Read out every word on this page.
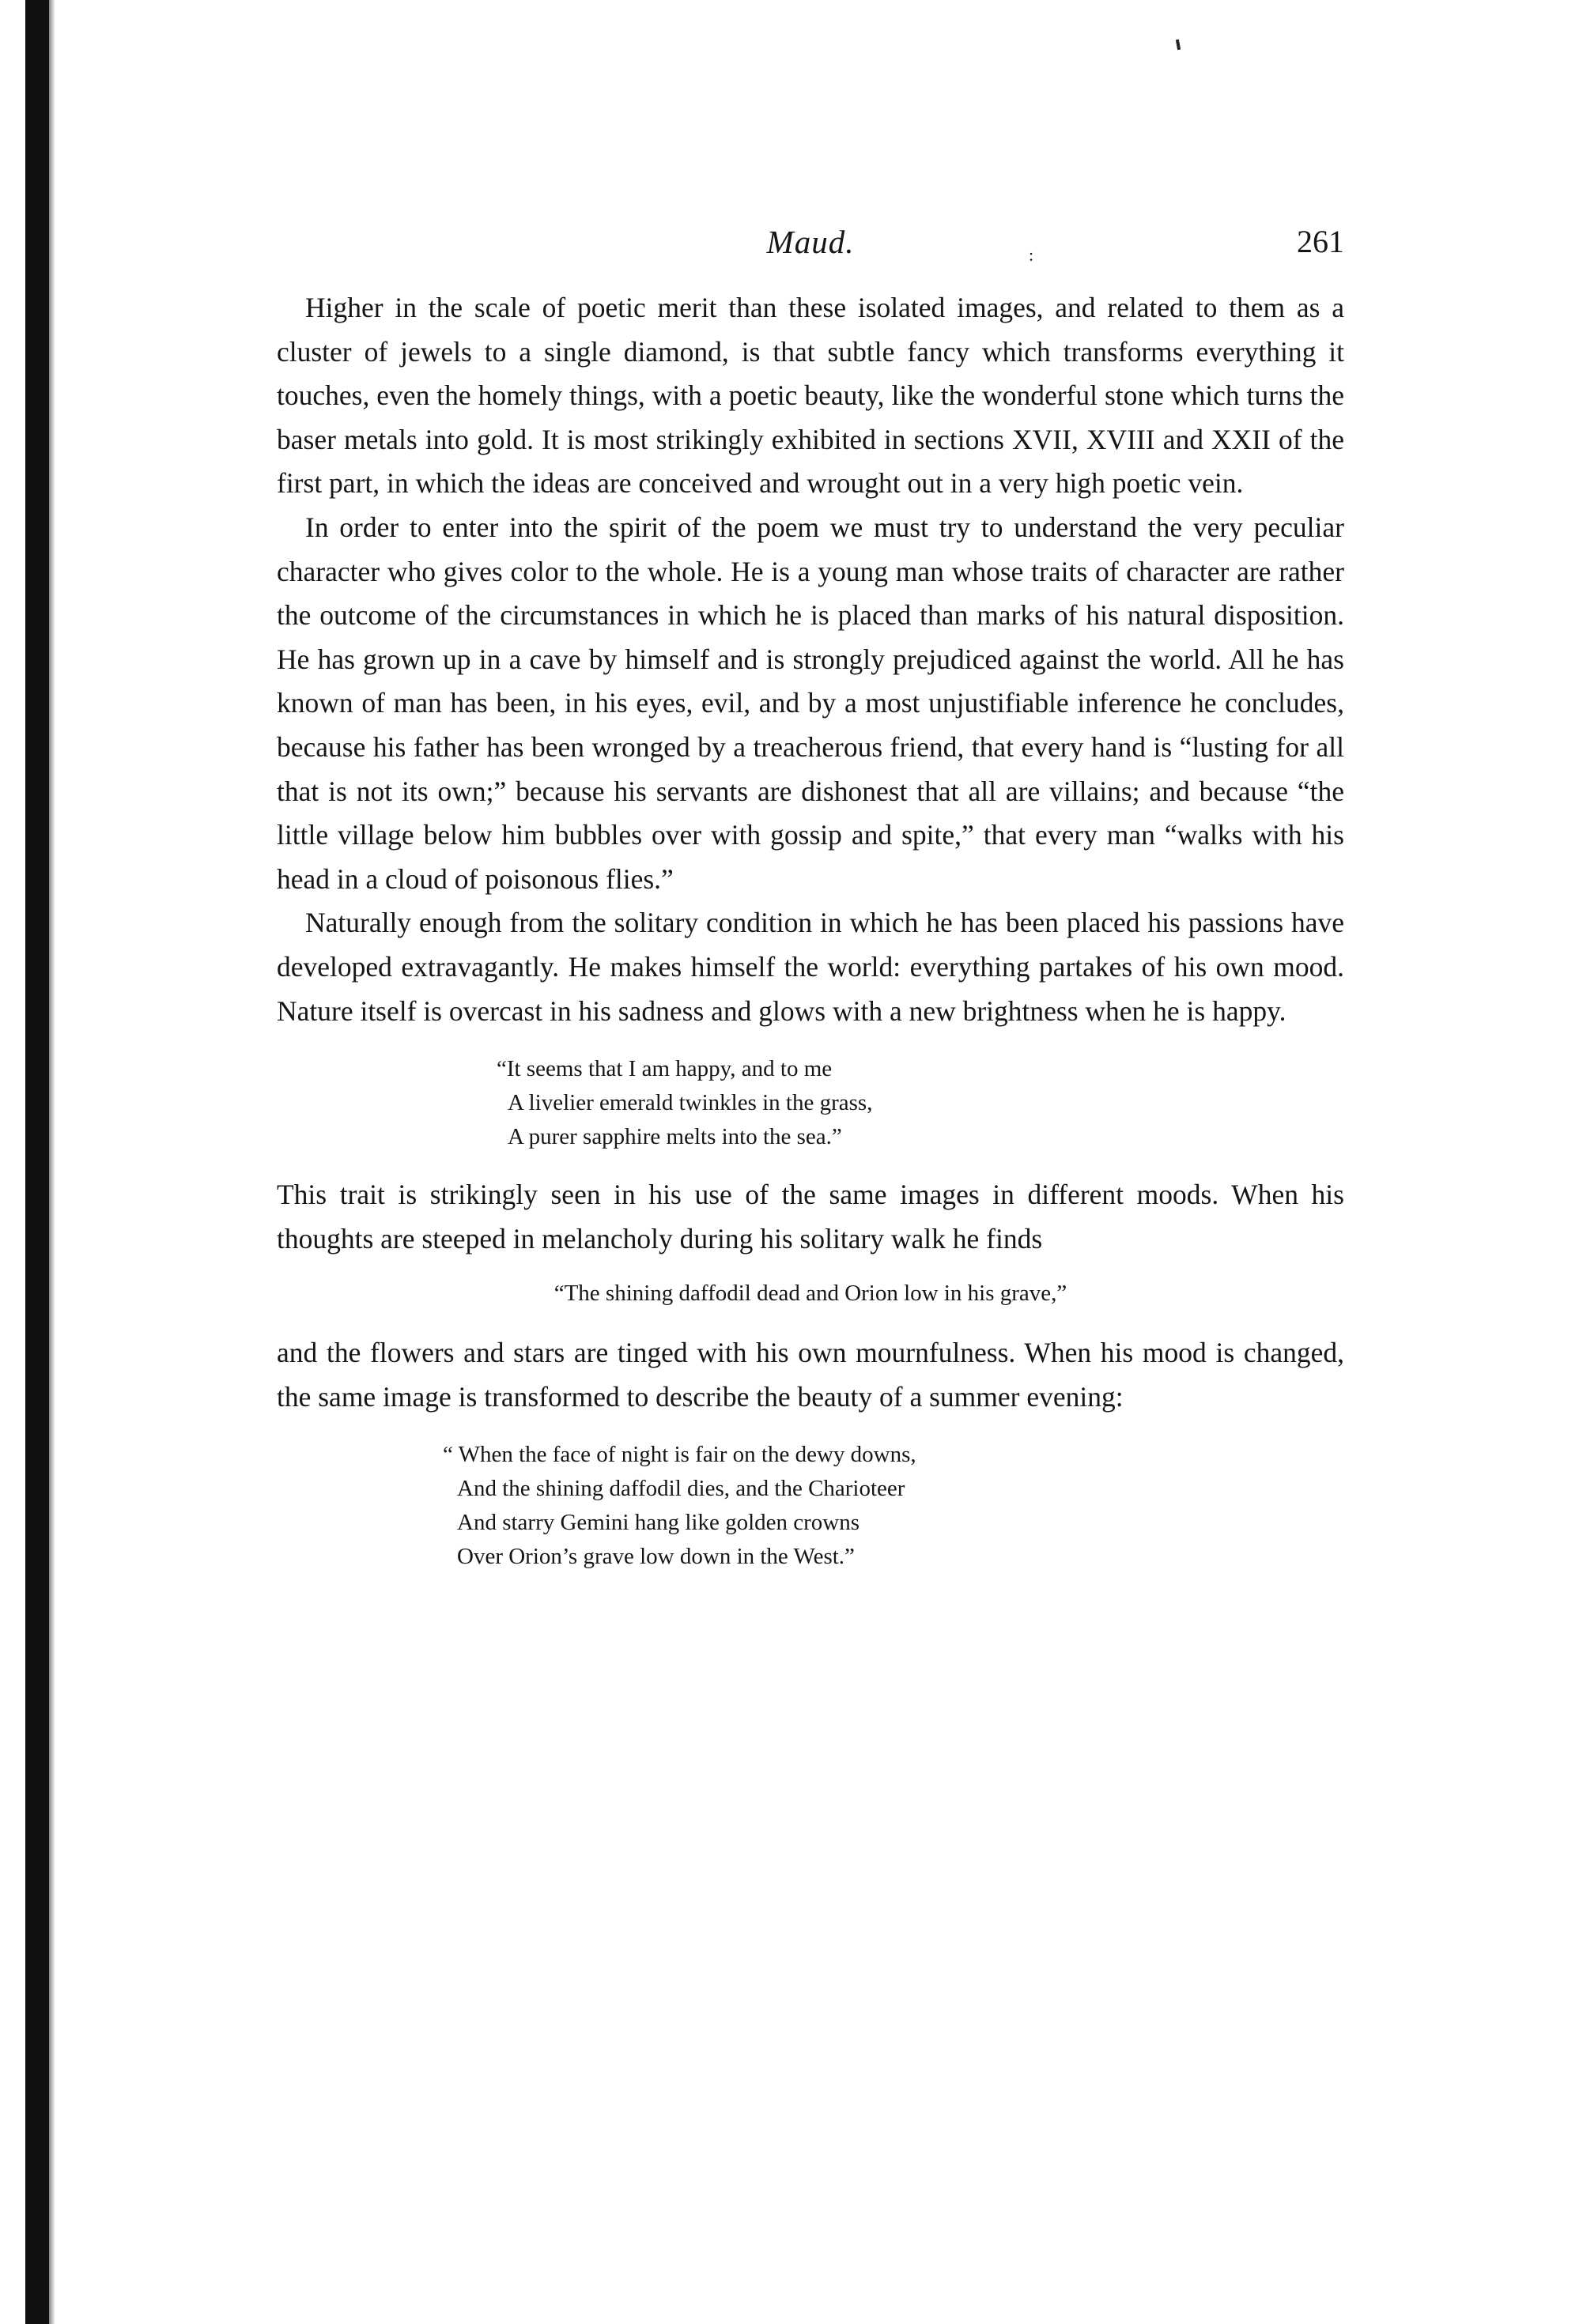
Maud.	:	261

Higher in the scale of poetic merit than these isolated images, and related to them as a cluster of jewels to a single diamond, is that subtle fancy which transforms everything it touches, even the homely things, with a poetic beauty, like the wonderful stone which turns the baser metals into gold. It is most strikingly exhibited in sections XVII, XVIII and XXII of the first part, in which the ideas are conceived and wrought out in a very high poetic vein.

In order to enter into the spirit of the poem we must try to understand the very peculiar character who gives color to the whole. He is a young man whose traits of character are rather the outcome of the circumstances in which he is placed than marks of his natural disposition. He has grown up in a cave by himself and is strongly prejudiced against the world. All he has known of man has been, in his eyes, evil, and by a most unjustifiable inference he concludes, because his father has been wronged by a treacherous friend, that every hand is “lusting for all that is not its own;” because his servants are dishonest that all are villains; and because “the little village below him bubbles over with gossip and spite,” that every man “walks with his head in a cloud of poisonous flies.”

Naturally enough from the solitary condition in which he has been placed his passions have developed extravagantly. He makes himself the world: everything partakes of his own mood. Nature itself is overcast in his sadness and glows with a new brightness when he is happy.

“It seems that I am happy, and to me
A livelier emerald twinkles in the grass,
A purer sapphire melts into the sea.”

This trait is strikingly seen in his use of the same images in different moods. When his thoughts are steeped in melancholy during his solitary walk he finds

“The shining daffodil dead and Orion low in his grave,”

and the flowers and stars are tinged with his own mournfulness. When his mood is changed, the same image is transformed to describe the beauty of a summer evening:

“ When the face of night is fair on the dewy downs,
And the shining daffodil dies, and the Charioteer
And starry Gemini hang like golden crowns
Over Orion’s grave low down in the West.”
